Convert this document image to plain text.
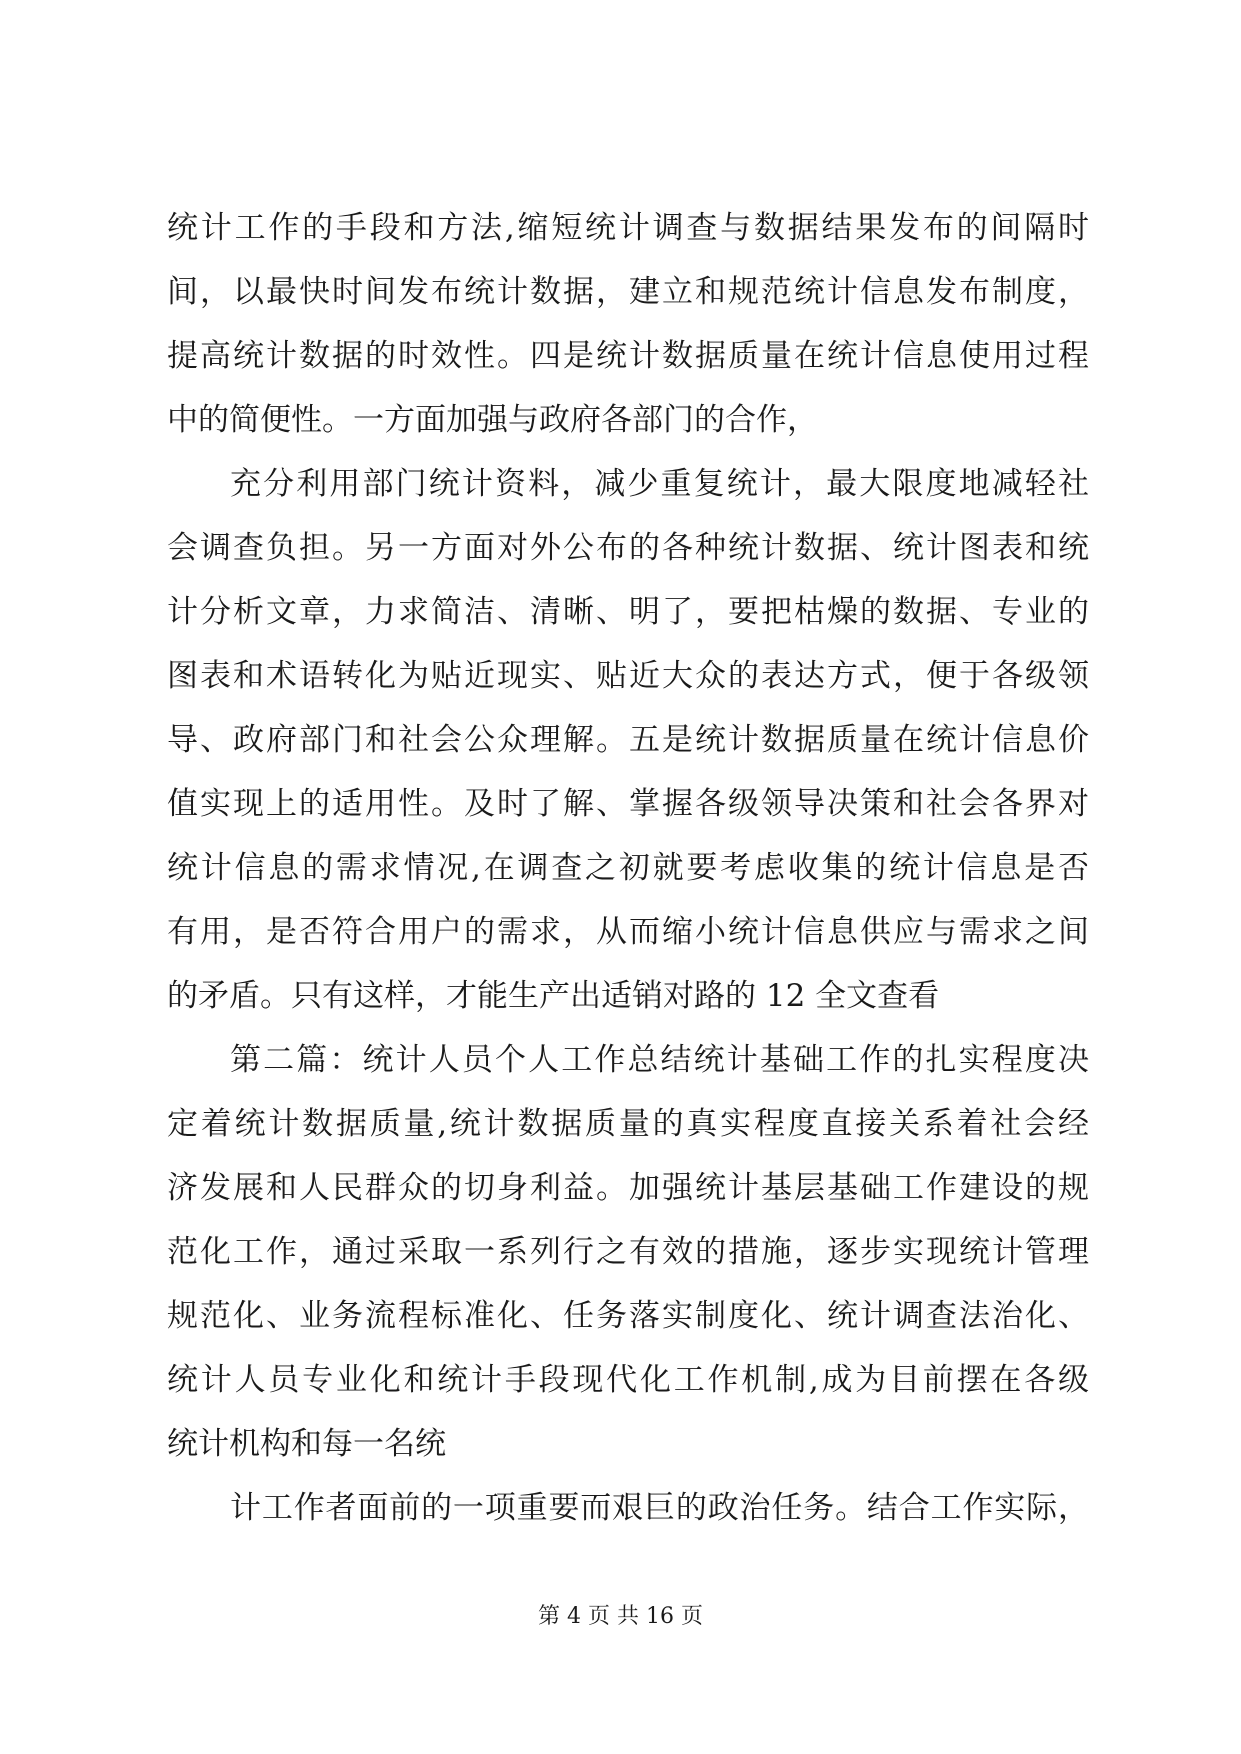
统计工作的手段和方法,缩短统计调查与数据结果发布的间隔时
间，以最快时间发布统计数据，建立和规范统计信息发布制度，
提高统计数据的时效性。四是统计数据质量在统计信息使用过程
中的简便性。一方面加强与政府各部门的合作，
充分利用部门统计资料，减少重复统计，最大限度地减轻社
会调查负担。另一方面对外公布的各种统计数据、统计图表和统
计分析文章，力求简洁、清晰、明了，要把枯燥的数据、专业的
图表和术语转化为贴近现实、贴近大众的表达方式，便于各级领
导、政府部门和社会公众理解。五是统计数据质量在统计信息价
值实现上的适用性。及时了解、掌握各级领导决策和社会各界对
统计信息的需求情况,在调查之初就要考虑收集的统计信息是否
有用，是否符合用户的需求，从而缩小统计信息供应与需求之间
的矛盾。只有这样，才能生产出适销对路的 12 全文查看
第二篇：统计人员个人工作总结统计基础工作的扎实程度决
定着统计数据质量,统计数据质量的真实程度直接关系着社会经
济发展和人民群众的切身利益。加强统计基层基础工作建设的规
范化工作，通过采取一系列行之有效的措施，逐步实现统计管理
规范化、业务流程标准化、任务落实制度化、统计调查法治化、
统计人员专业化和统计手段现代化工作机制,成为目前摆在各级
统计机构和每一名统
计工作者面前的一项重要而艰巨的政治任务。结合工作实际，
第 4 页 共 16 页
